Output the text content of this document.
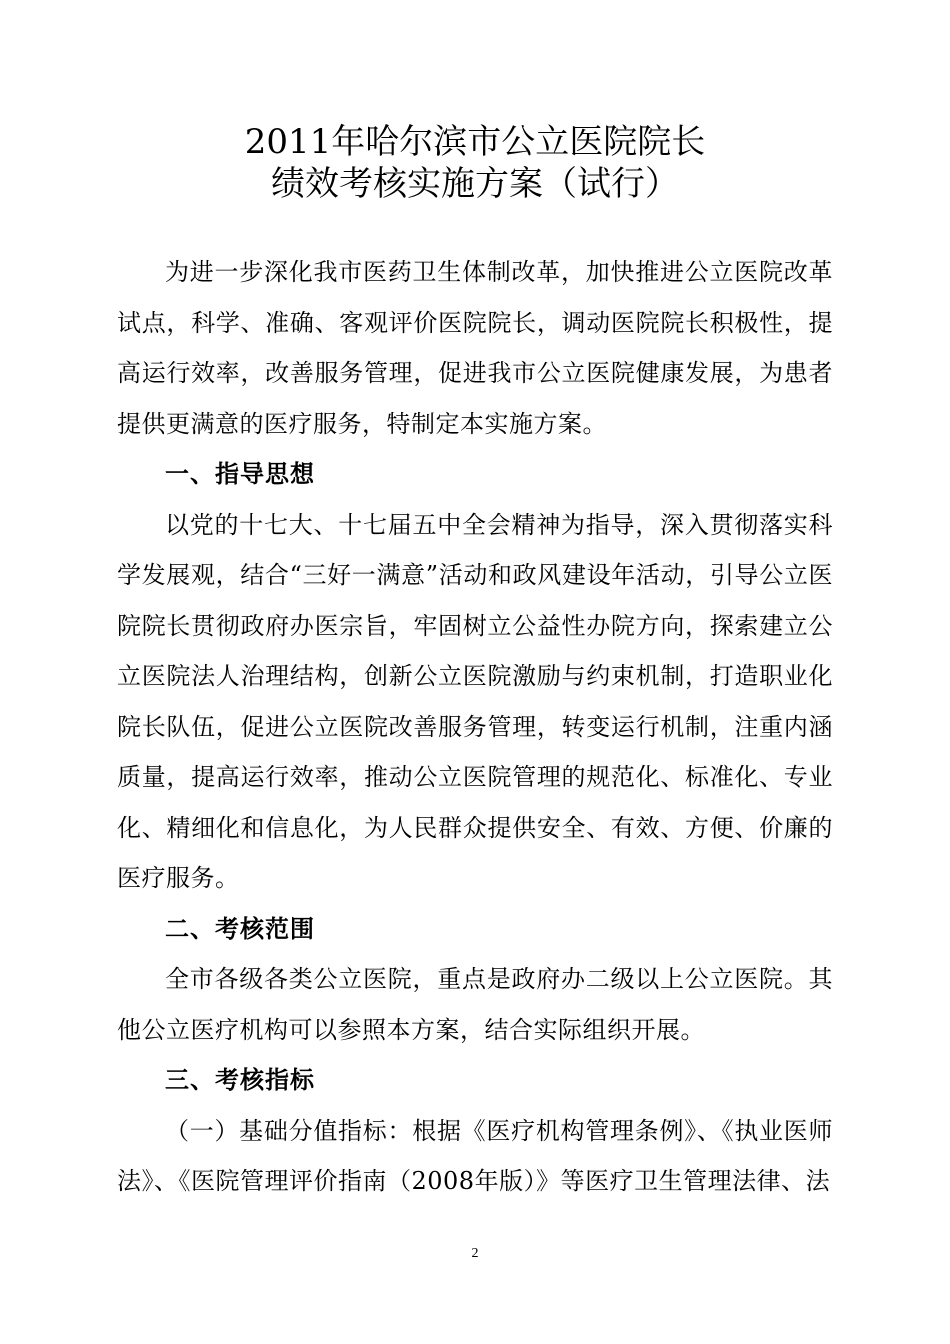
2011年哈尔滨市公立医院院长
绩效考核实施方案（试行）

为进一步深化我市医药卫生体制改革，加快推进公立医院改革试点，科学、准确、客观评价医院院长，调动医院院长积极性，提高运行效率，改善服务管理，促进我市公立医院健康发展，为患者提供更满意的医疗服务，特制定本实施方案。

一、指导思想

以党的十七大、十七届五中全会精神为指导，深入贯彻落实科学发展观，结合“三好一满意”活动和政风建设年活动，引导公立医院院长贯彻政府办医宗旨，牢固树立公益性办院方向，探索建立公立医院法人治理结构，创新公立医院激励与约束机制，打造职业化院长队伍，促进公立医院改善服务管理，转变运行机制，注重内涵质量，提高运行效率，推动公立医院管理的规范化、标准化、专业化、精细化和信息化，为人民群众提供安全、有效、方便、价廉的医疗服务。

二、考核范围

全市各级各类公立医院，重点是政府办二级以上公立医院。其他公立医疗机构可以参照本方案，结合实际组织开展。

三、考核指标

（一）基础分值指标：根据《医疗机构管理条例》、《执业医师法》、《医院管理评价指南（2008年版）》等医疗卫生管理法律、法

2
